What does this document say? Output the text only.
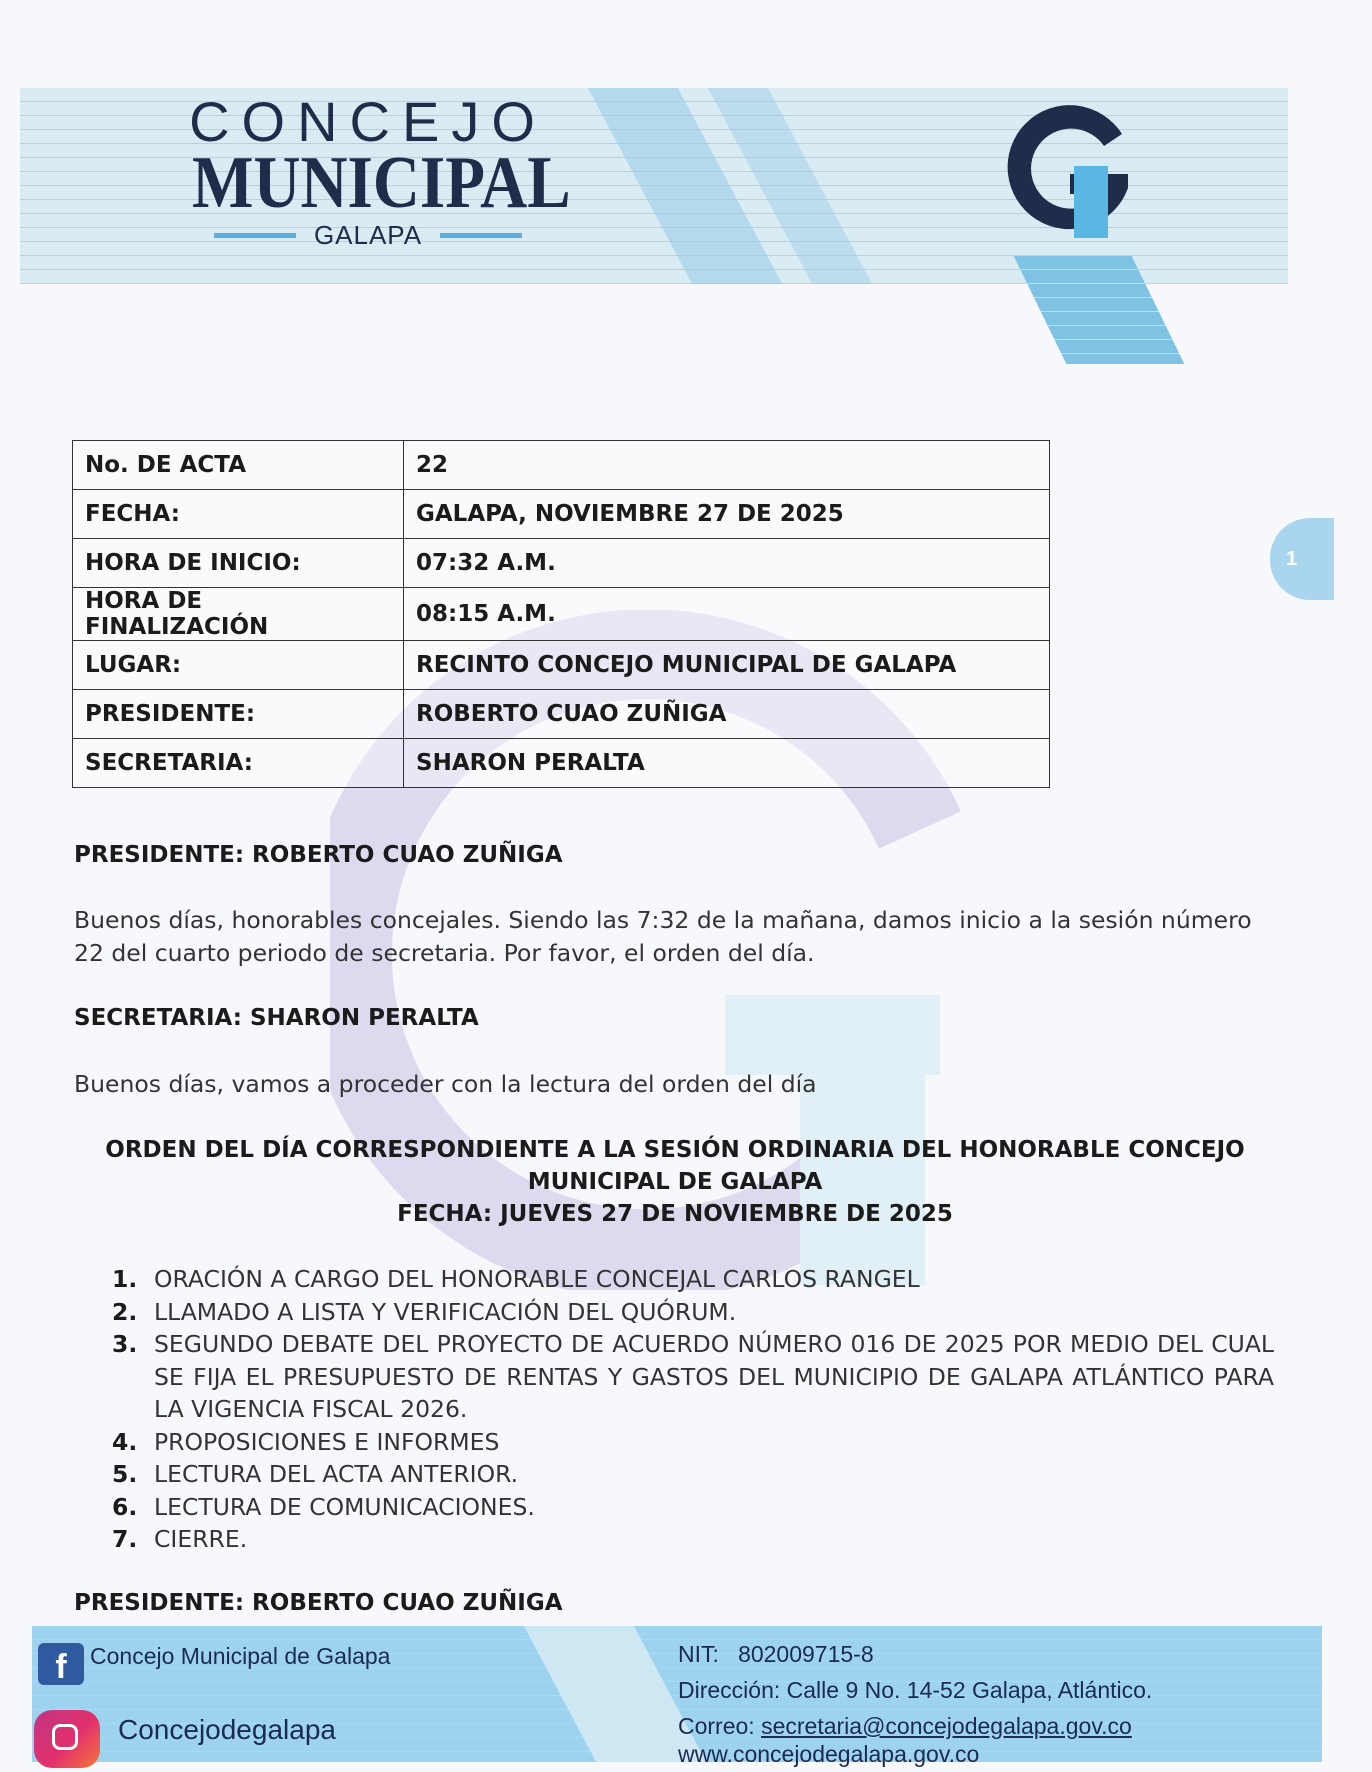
CONCEJO
MUNICIPAL
GALAPA
1
No. DE ACTA	22
FECHA:	GALAPA, NOVIEMBRE 27 DE 2025
HORA DE INICIO:	07:32 A.M.
HORA DE FINALIZACIÓN	08:15 A.M.
LUGAR:	RECINTO CONCEJO MUNICIPAL DE GALAPA
PRESIDENTE:	ROBERTO CUAO ZUÑIGA
SECRETARIA:	SHARON PERALTA
PRESIDENTE: ROBERTO CUAO ZUÑIGA
Buenos días, honorables concejales. Siendo las 7:32 de la mañana, damos inicio a la sesión número 22 del cuarto periodo de secretaria. Por favor, el orden del día.
SECRETARIA: SHARON PERALTA
Buenos días, vamos a proceder con la lectura del orden del día
ORDEN DEL DÍA CORRESPONDIENTE A LA SESIÓN ORDINARIA DEL HONORABLE CONCEJO
MUNICIPAL DE GALAPA
FECHA: JUEVES 27 DE NOVIEMBRE DE 2025
1. ORACIÓN A CARGO DEL HONORABLE CONCEJAL CARLOS RANGEL
2. LLAMADO A LISTA Y VERIFICACIÓN DEL QUÓRUM.
3. SEGUNDO DEBATE DEL PROYECTO DE ACUERDO NÚMERO 016 DE 2025 POR MEDIO DEL CUAL SE FIJA EL PRESUPUESTO DE RENTAS Y GASTOS DEL MUNICIPIO DE GALAPA ATLÁNTICO PARA LA VIGENCIA FISCAL 2026.
4. PROPOSICIONES E INFORMES
5. LECTURA DEL ACTA ANTERIOR.
6. LECTURA DE COMUNICACIONES.
7. CIERRE.
PRESIDENTE: ROBERTO CUAO ZUÑIGA
f	Concejo Municipal de Galapa
Concejodegalapa
NIT: 802009715-8
Dirección: Calle 9 No. 14-52 Galapa, Atlántico.
Correo: secretaria@concejodegalapa.gov.co
www.concejodegalapa.gov.co
